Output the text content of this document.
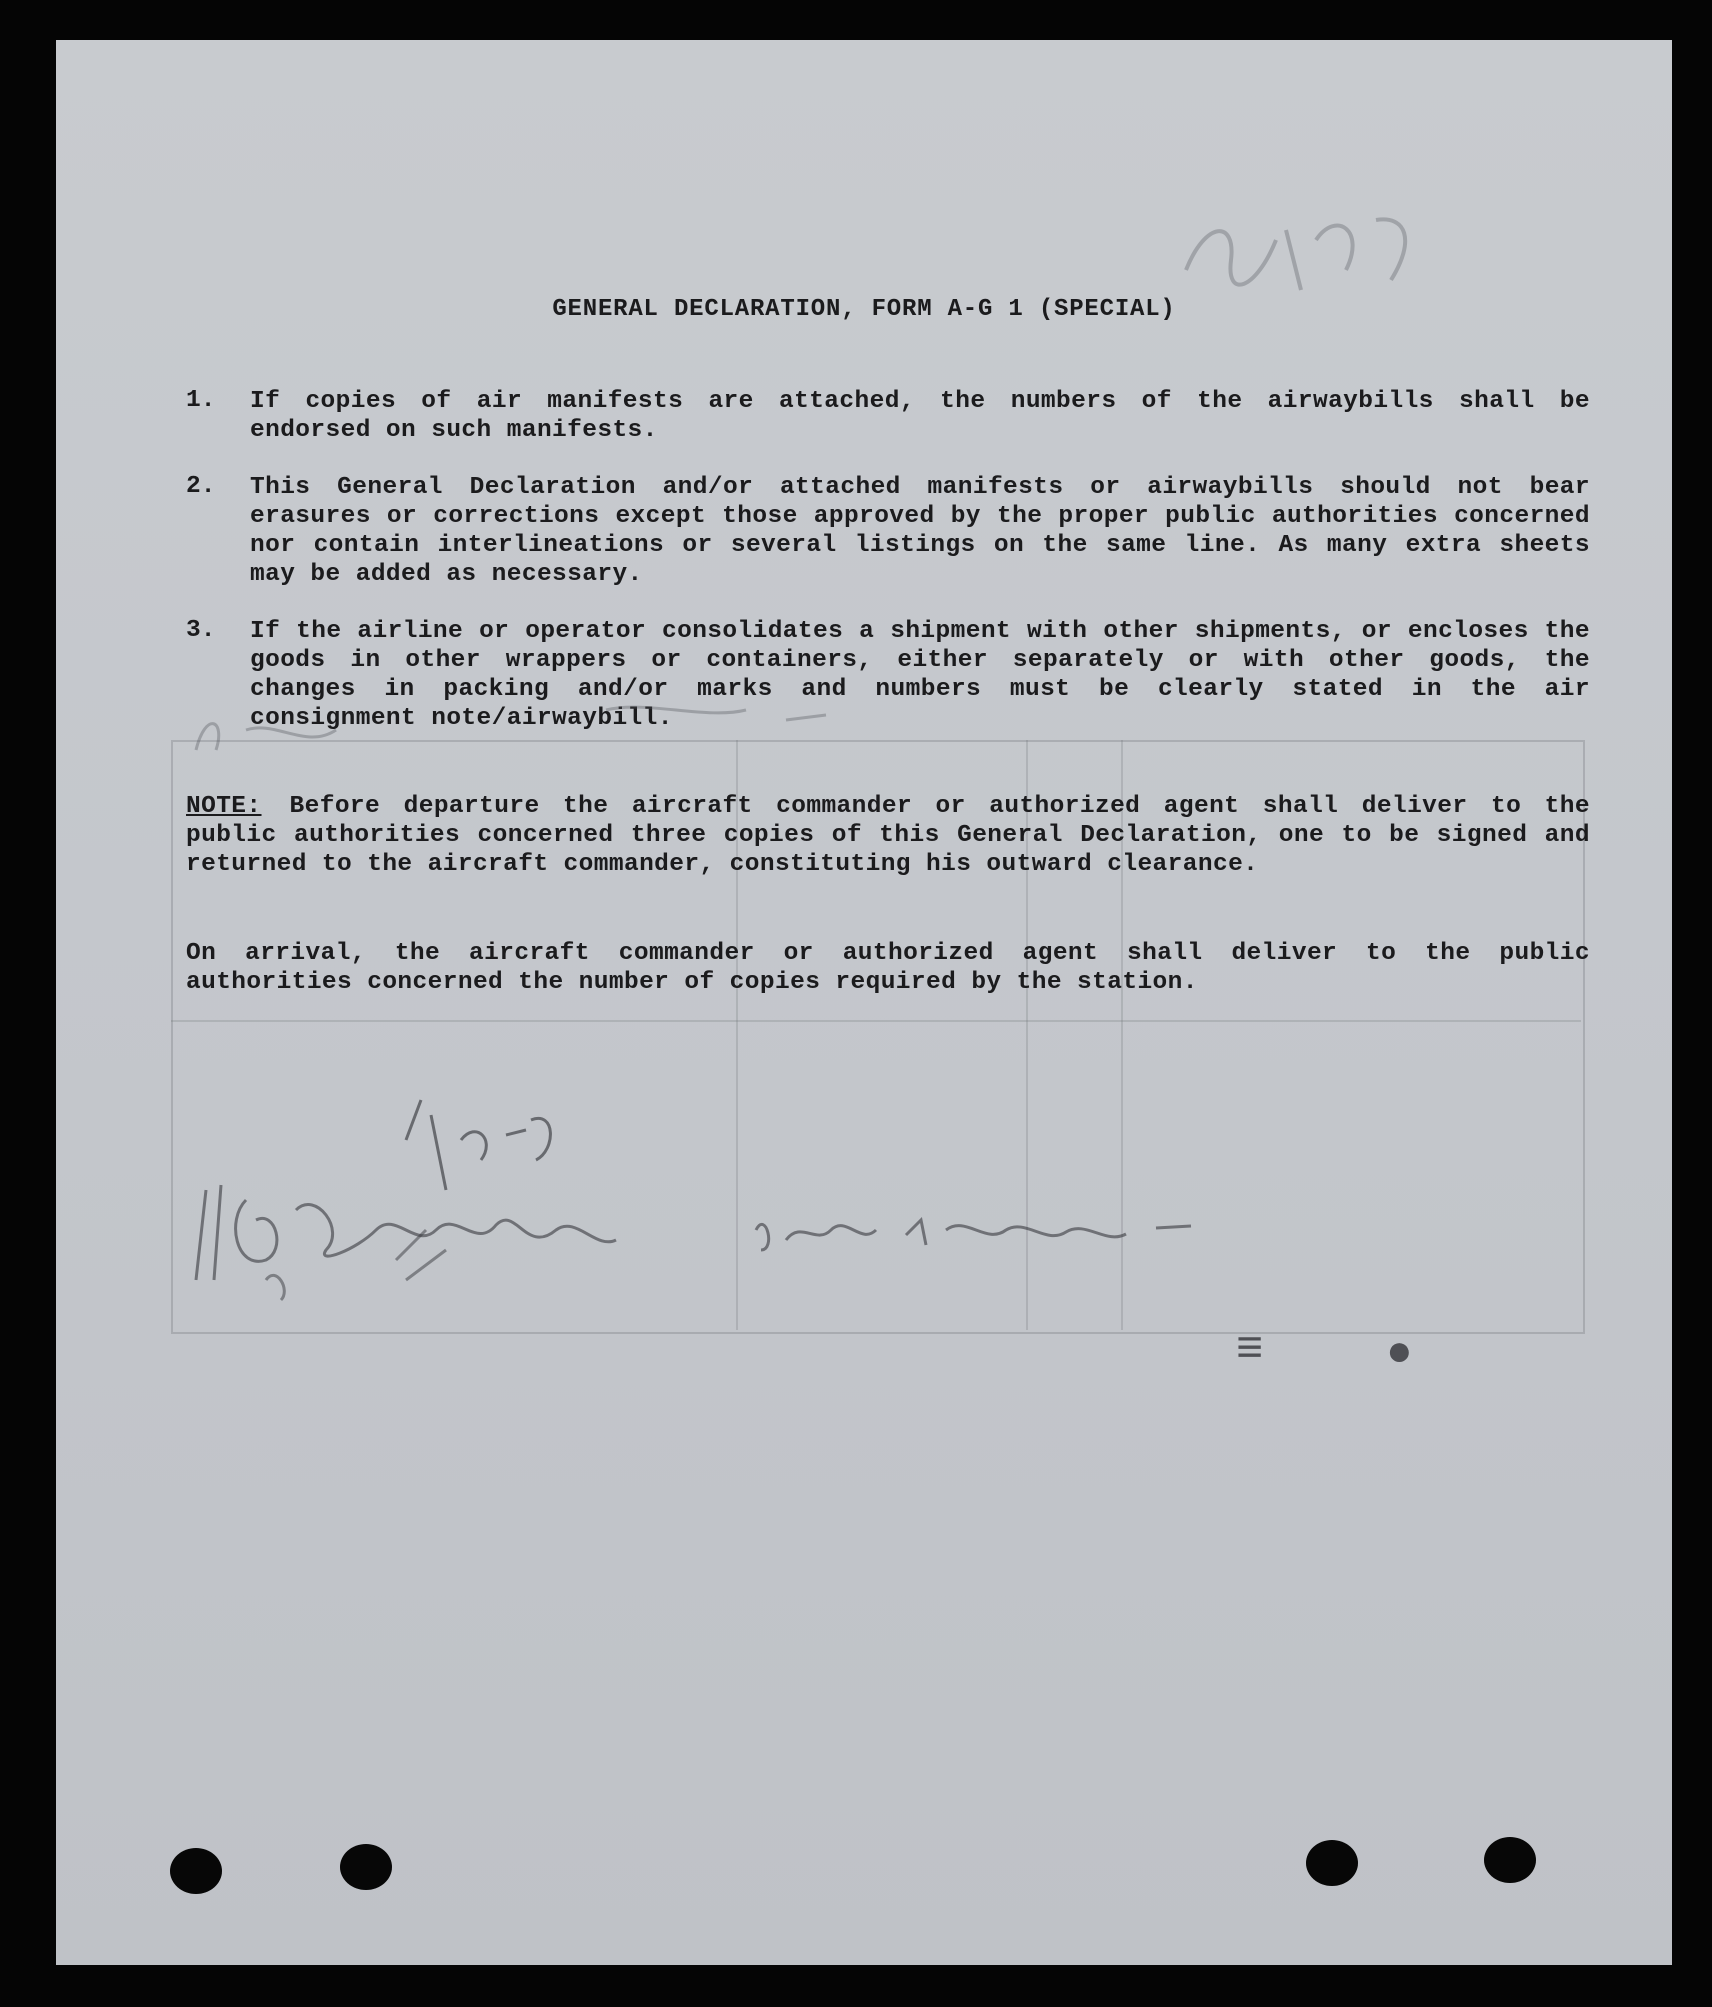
GENERAL DECLARATION, FORM A-G 1 (SPECIAL)
1. If copies of air manifests are attached, the numbers of the airwaybills shall be endorsed on such manifests.
2. This General Declaration and/or attached manifests or airwaybills should not bear erasures or corrections except those approved by the proper public authorities concerned nor contain interlineations or several listings on the same line. As many extra sheets may be added as necessary.
3. If the airline or operator consolidates a shipment with other shipments, or encloses the goods in other wrappers or containers, either separately or with other goods, the changes in packing and/or marks and numbers must be clearly stated in the air consignment note/airwaybill.
NOTE: Before departure the aircraft commander or authorized agent shall deliver to the public authorities concerned three copies of this General Declaration, one to be signed and returned to the aircraft commander, constituting his outward clearance.
On arrival, the aircraft commander or authorized agent shall deliver to the public authorities concerned the number of copies required by the station.
≡	●
